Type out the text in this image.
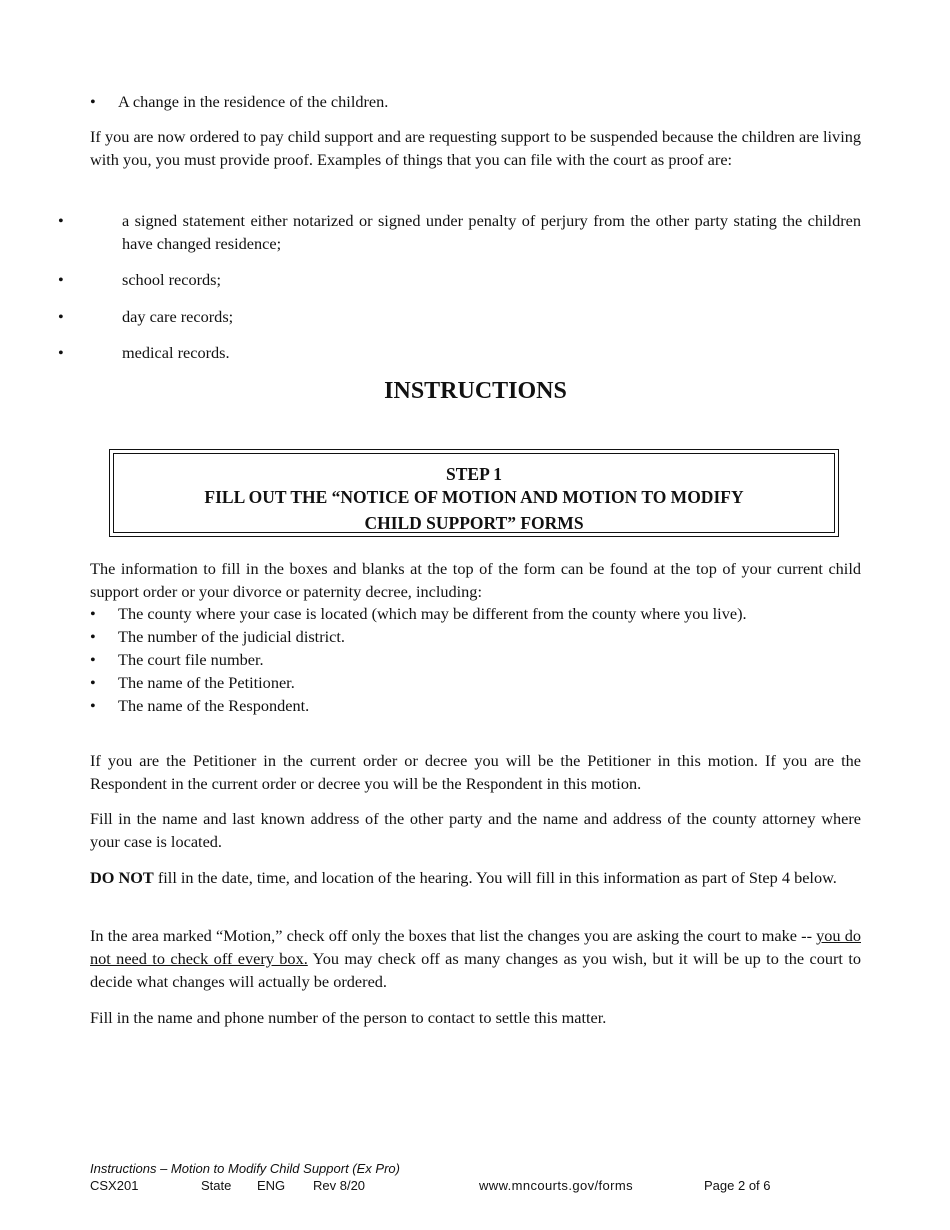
• A change in the residence of the children.

If you are now ordered to pay child support and are requesting support to be suspended because the children are living with you, you must provide proof. Examples of things that you can file with the court as proof are:

•	a signed statement either notarized or signed under penalty of perjury from the other party stating the children have changed residence;
•	school records;
•	day care records;
•	medical records.
INSTRUCTIONS
STEP 1
FILL OUT THE “NOTICE OF MOTION AND MOTION TO MODIFY
CHILD SUPPORT” FORMS

The information to fill in the boxes and blanks at the top of the form can be found at the top of your current child support order or your divorce or paternity decree, including:

• The county where your case is located (which may be different from the county where you live).
• The number of the judicial district.
• The court file number.
• The name of the Petitioner.
• The name of the Respondent.

If you are the Petitioner in the current order or decree you will be the Petitioner in this motion. If you are the Respondent in the current order or decree you will be the Respondent in this motion.

Fill in the name and last known address of the other party and the name and address of the county attorney where your case is located.

DO NOT fill in the date, time, and location of the hearing. You will fill in this information as part of Step 4 below.

In the area marked “Motion,” check off only the boxes that list the changes you are asking the court to make -- you do not need to check off every box. You may check off as many changes as you wish, but it will be up to the court to decide what changes will actually be ordered.

Fill in the name and phone number of the person to contact to settle this matter.

Instructions – Motion to Modify Child Support (Ex Pro)
CSX201	State ENG Rev 8/20	www.mncourts.gov/forms	Page 2 of 6
